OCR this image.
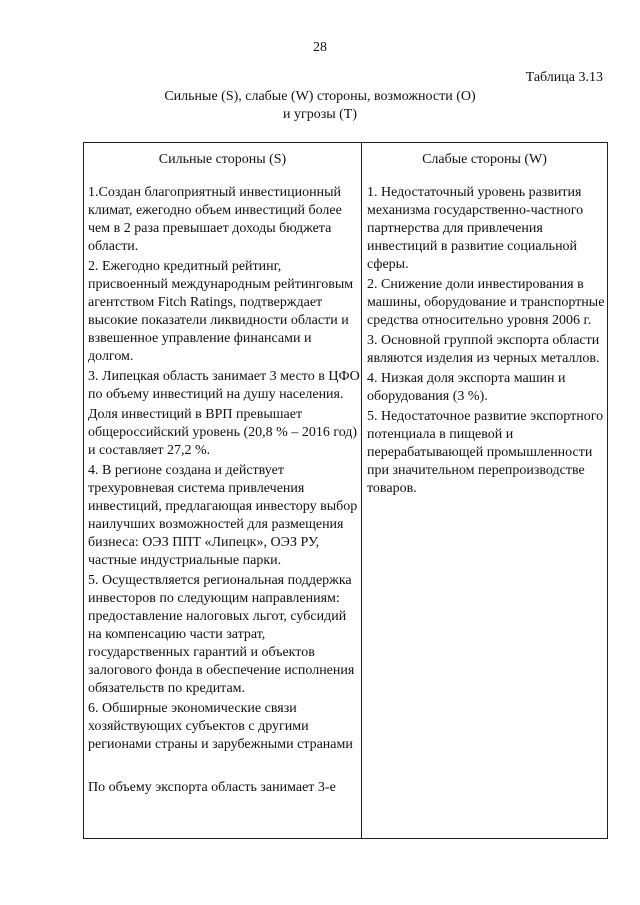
28
Таблица 3.13
Сильные (S), слабые (W) стороны, возможности (O)
и угрозы (T)
Сильные стороны (S)	Слабые стороны (W)

1.Создан благоприятный инвестиционный климат, ежегодно объем инвестиций более чем в 2 раза превышает доходы бюджета области.

2. Ежегодно кредитный рейтинг, присвоенный международным рейтинговым агентством Fitch Ratings, подтверждает высокие показатели ликвидности области и взвешенное управление финансами и долгом.

3. Липецкая область занимает 3 место в ЦФО по объему инвестиций на душу населения.

Доля инвестиций в ВРП превышает общероссийский уровень (20,8 % – 2016 год) и составляет 27,2 %.

4. В регионе создана и действует трехуровневая система привлечения инвестиций, предлагающая инвестору выбор наилучших возможностей для размещения бизнеса: ОЭЗ ППТ «Липецк», ОЭЗ РУ, частные индустриальные парки.

5. Осуществляется региональная поддержка инвесторов по следующим направлениям: предоставление налоговых льгот, субсидий на компенсацию части затрат, государственных гарантий и объектов залогового фонда в обеспечение исполнения обязательств по кредитам.

6. Обширные экономические связи хозяйствующих субъектов с другими регионами страны и зарубежными странами

По объему экспорта область занимает 3-е

1. Недостаточный уровень развития механизма государственно-частного партнерства для привлечения инвестиций в развитие социальной сферы.

2. Снижение доли инвестирования в машины, оборудование и транспортные средства относительно уровня 2006 г.

3. Основной группой экспорта области являются изделия из черных металлов.

4. Низкая доля экспорта машин и оборудования (3 %).

5. Недостаточное развитие экспортного потенциала в пищевой и перерабатывающей промышленности при значительном перепроизводстве товаров.
